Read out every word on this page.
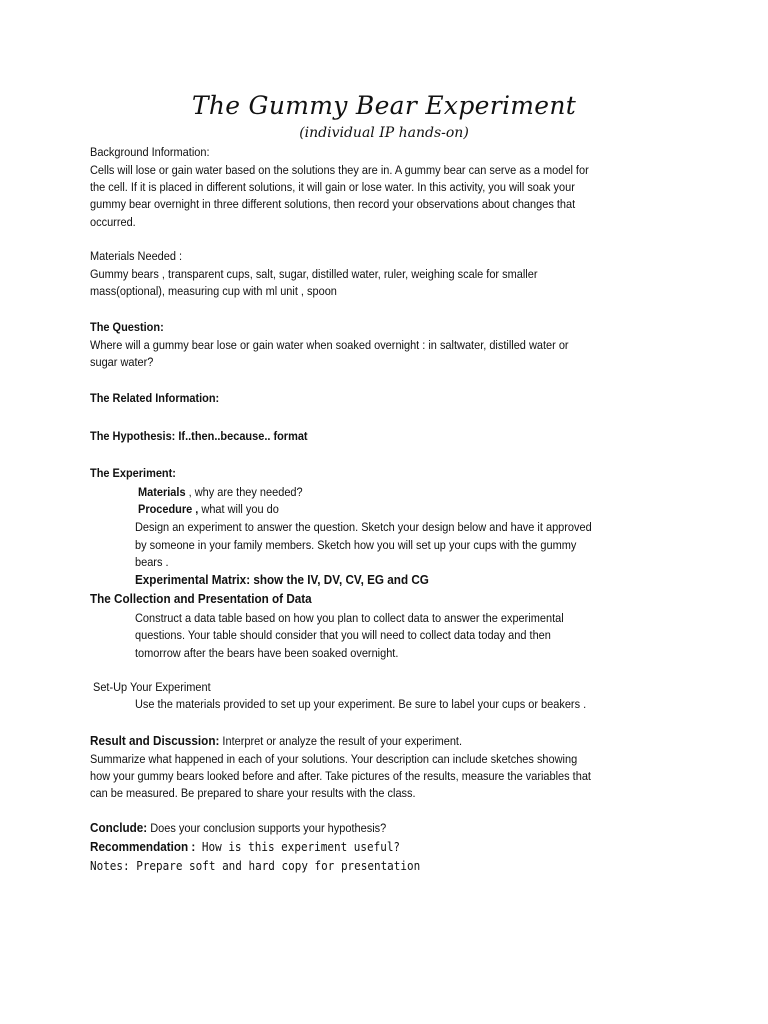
The Gummy Bear Experiment
(individual IP hands-on)
Background Information:
Cells will lose or gain water based on the solutions they are in. A gummy bear can serve as a model for
the cell. If it is placed in different solutions, it will gain or lose water. In this activity, you will soak your
gummy bear overnight in three different solutions, then record your observations about changes that
occurred.
Materials Needed :
Gummy bears , transparent cups, salt, sugar, distilled water, ruler, weighing scale for smaller
mass(optional), measuring cup with ml unit , spoon
The Question:
Where will a gummy bear lose or gain water when soaked overnight : in saltwater, distilled water or
sugar water?
The Related Information:
The Hypothesis: If..then..because.. format
The Experiment:
Materials , why are they needed?
Procedure , what will you do
Design an experiment to answer the question. Sketch your design below and have it approved
by someone in your family members. Sketch how you will set up your cups with the gummy
bears .
Experimental Matrix: show the IV, DV, CV, EG and CG
The Collection and Presentation of Data
Construct a data table based on how you plan to collect data to answer the experimental
questions. Your table should consider that you will need to collect data today and then
tomorrow after the bears have been soaked overnight.
Set-Up Your Experiment
Use the materials provided to set up your experiment. Be sure to label your cups or beakers .
Result and Discussion: Interpret or analyze the result of your experiment.
Summarize what happened in each of your solutions. Your description can include sketches showing
how your gummy bears looked before and after. Take pictures of the results, measure the variables that
can be measured. Be prepared to share your results with the class.
Conclude: Does your conclusion supports your hypothesis?
Recommendation : How is this experiment useful?
Notes: Prepare soft and hard copy for presentation
